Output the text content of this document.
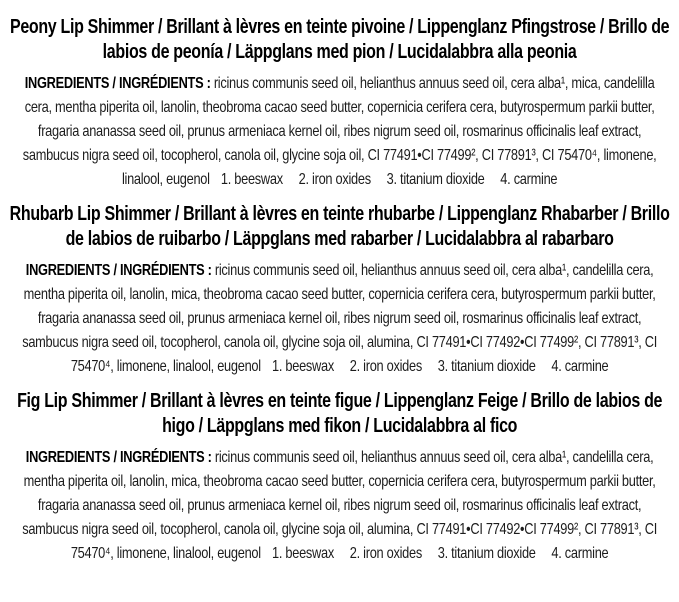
Peony Lip Shimmer / Brillant à lèvres en teinte pivoine / Lippenglanz Pfingstrose / Brillo de labios de peonía / Läppglans med pion / Lucidalabbra alla peonia

INGREDIENTS / INGRÉDIENTS : ricinus communis seed oil, helianthus annuus seed oil, cera alba¹, mica, candelilla cera, mentha piperita oil, lanolin, theobroma cacao seed butter, copernicia cerifera cera, butyrospermum parkii butter, fragaria ananassa seed oil, prunus armeniaca kernel oil, ribes nigrum seed oil, rosmarinus officinalis leaf extract, sambucus nigra seed oil, tocopherol, canola oil, glycine soja oil, CI 77491•CI 77499², CI 77891³, CI 75470⁴, limonene, linalool, eugenol 1. beeswax  2. iron oxides  3. titanium dioxide  4. carmine

Rhubarb Lip Shimmer / Brillant à lèvres en teinte rhubarbe / Lippenglanz Rhabarber / Brillo de labios de ruibarbo / Läppglans med rabarber / Lucidalabbra al rabarbaro

INGREDIENTS / INGRÉDIENTS : ricinus communis seed oil, helianthus annuus seed oil, cera alba¹, candelilla cera, mentha piperita oil, lanolin, mica, theobroma cacao seed butter, copernicia cerifera cera, butyrospermum parkii butter, fragaria ananassa seed oil, prunus armeniaca kernel oil, ribes nigrum seed oil, rosmarinus officinalis leaf extract, sambucus nigra seed oil, tocopherol, canola oil, glycine soja oil, alumina, CI 77491•CI 77492•CI 77499², CI 77891³, CI 75470⁴, limonene, linalool, eugenol 1. beeswax  2. iron oxides  3. titanium dioxide  4. carmine

Fig Lip Shimmer / Brillant à lèvres en teinte figue / Lippenglanz Feige / Brillo de labios de higo / Läppglans med fikon / Lucidalabbra al fico

INGREDIENTS / INGRÉDIENTS : ricinus communis seed oil, helianthus annuus seed oil, cera alba¹, candelilla cera, mentha piperita oil, lanolin, mica, theobroma cacao seed butter, copernicia cerifera cera, butyrospermum parkii butter, fragaria ananassa seed oil, prunus armeniaca kernel oil, ribes nigrum seed oil, rosmarinus officinalis leaf extract, sambucus nigra seed oil, tocopherol, canola oil, glycine soja oil, alumina, CI 77491•CI 77492•CI 77499², CI 77891³, CI 75470⁴, limonene, linalool, eugenol 1. beeswax  2. iron oxides  3. titanium dioxide  4. carmine
